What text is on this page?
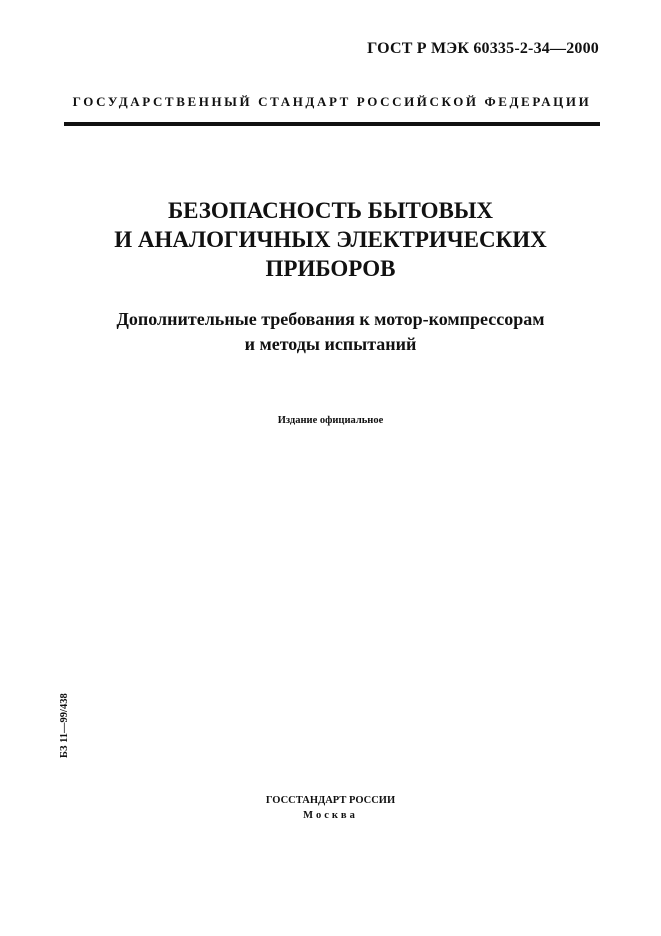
ГОСТ Р МЭК 60335-2-34—2000
ГОСУДАРСТВЕННЫЙ СТАНДАРТ РОССИЙСКОЙ ФЕДЕРАЦИИ
БЕЗОПАСНОСТЬ БЫТОВЫХ
И АНАЛОГИЧНЫХ ЭЛЕКТРИЧЕСКИХ
ПРИБОРОВ
Дополнительные требования к мотор-компрессорам
и методы испытаний
Издание официальное
БЗ 11—99/438
ГОССТАНДАРТ РОССИИ
Москва
